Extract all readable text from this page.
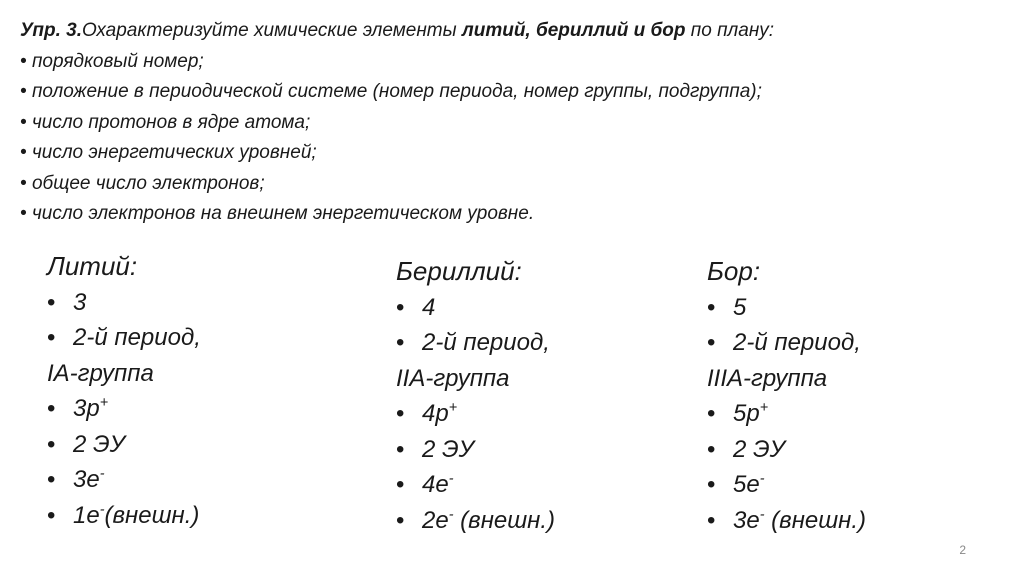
Упр. 3.Охарактеризуйте химические элементы литий, бериллий и бор по плану:
• порядковый номер;
• положение в периодической системе (номер периода, номер группы, подгруппа);
• число протонов в ядре атома;
• число энергетических уровней;
• общее число электронов;
• число электронов на внешнем энергетическом уровне.
Литий:
• 3
• 2-й период,
IA-группа
• 3p+
• 2 ЭУ
• 3e-
• 1e-(внешн.)
Бериллий:
• 4
• 2-й период,
IIA-группа
• 4p+
• 2 ЭУ
• 4e-
• 2e- (внешн.)
Бор:
• 5
• 2-й период,
IIIA-группа
• 5p+
• 2 ЭУ
• 5e-
• 3e- (внешн.)
2
